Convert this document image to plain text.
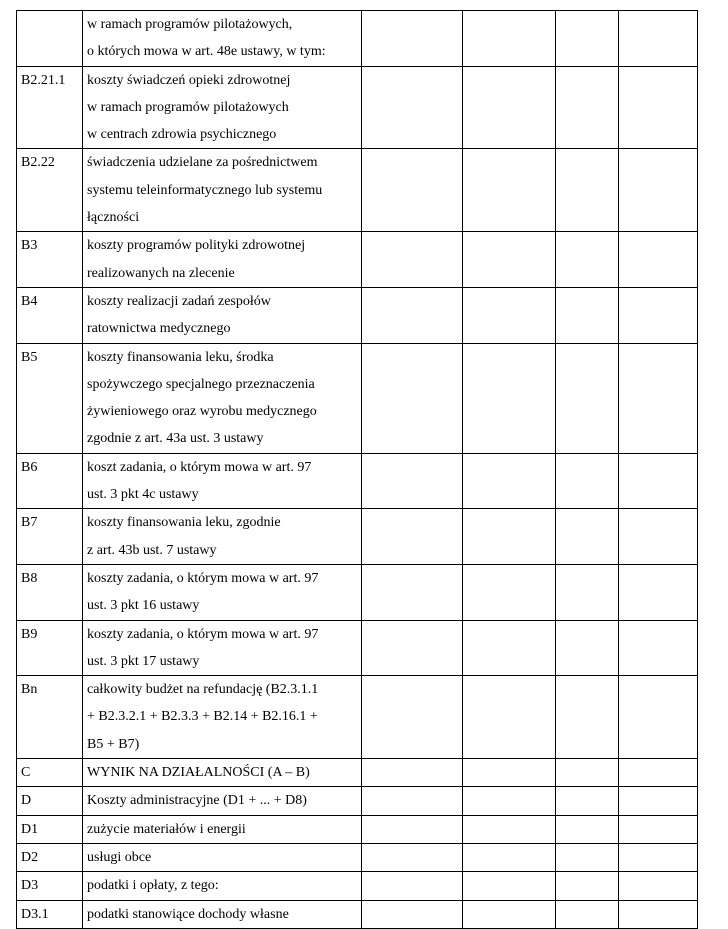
	w ramach programów pilotażowych,
o których mowa w art. 48e ustawy, w tym:				
B2.21.1	koszty świadczeń opieki zdrowotnej
w ramach programów pilotażowych
w centrach zdrowia psychicznego				
B2.22	świadczenia udzielane za pośrednictwem
systemu teleinformatycznego lub systemu
łączności				
B3	koszty programów polityki zdrowotnej
realizowanych na zlecenie				
B4	koszty realizacji zadań zespołów
ratownictwa medycznego				
B5	koszty finansowania leku, środka
spożywczego specjalnego przeznaczenia
żywieniowego oraz wyrobu medycznego
zgodnie z art. 43a ust. 3 ustawy				
B6	koszt zadania, o którym mowa w art. 97
ust. 3 pkt 4c ustawy				
B7	koszty finansowania leku, zgodnie
z art. 43b ust. 7 ustawy				
B8	koszty zadania, o którym mowa w art. 97
ust. 3 pkt 16 ustawy				
B9	koszty zadania, o którym mowa w art. 97
ust. 3 pkt 17 ustawy				
Bn	całkowity budżet na refundację (B2.3.1.1
+ B2.3.2.1 + B2.3.3 + B2.14 + B2.16.1 +
B5 + B7)				
C	WYNIK NA DZIAŁALNOŚCI (A – B)				
D	Koszty administracyjne (D1 + ... + D8)				
D1	zużycie materiałów i energii				
D2	usługi obce				
D3	podatki i opłaty, z tego:				
D3.1	podatki stanowiące dochody własne				
